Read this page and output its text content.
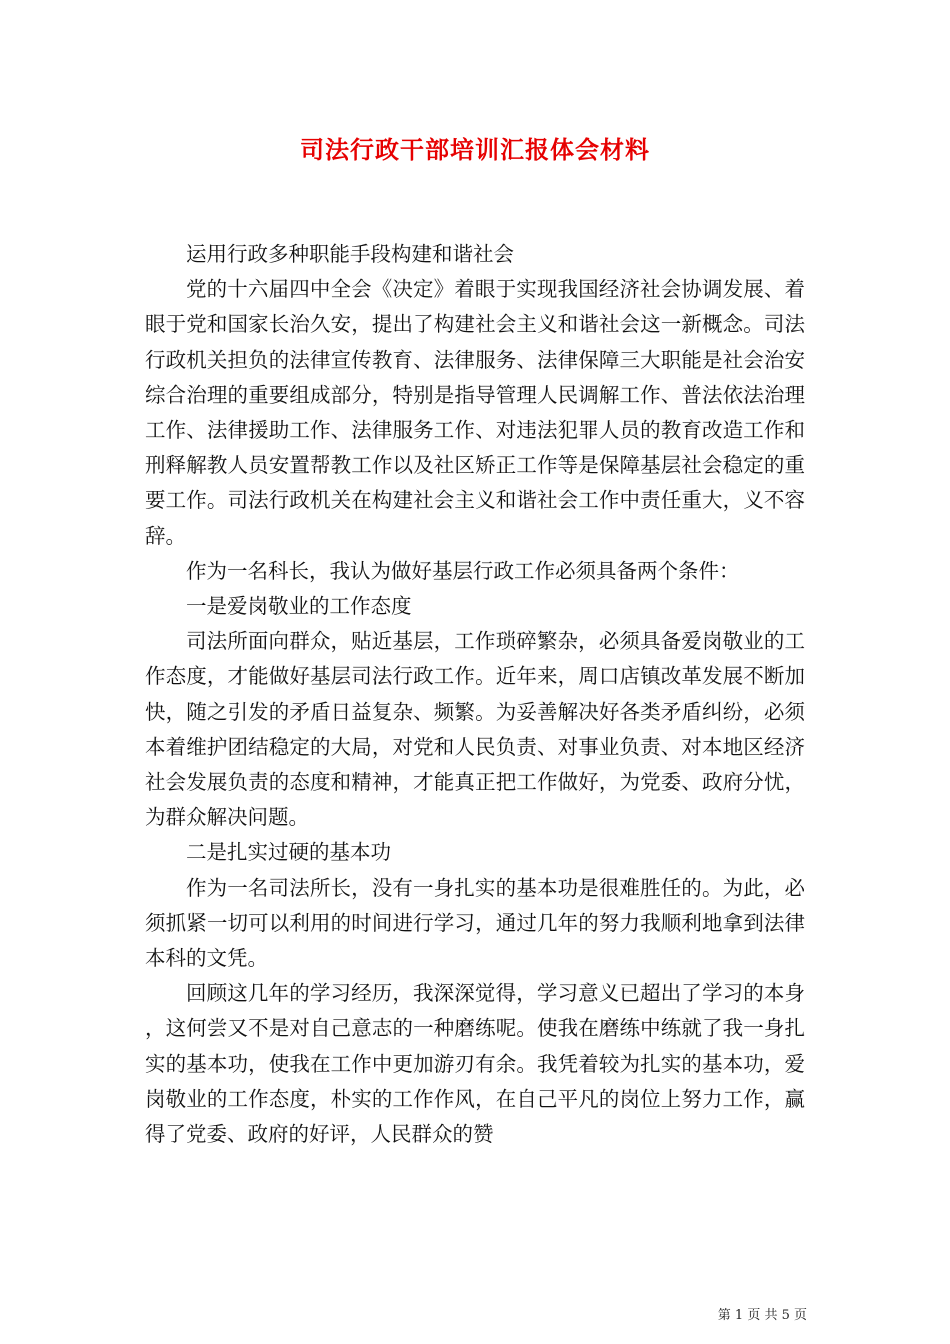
司法行政干部培训汇报体会材料

运用行政多种职能手段构建和谐社会

党的十六届四中全会《决定》着眼于实现我国经济社会协调发展、着眼于党和国家长治久安，提出了构建社会主义和谐社会这一新概念。司法行政机关担负的法律宣传教育、法律服务、法律保障三大职能是社会治安综合治理的重要组成部分，特别是指导管理人民调解工作、普法依法治理工作、法律援助工作、法律服务工作、对违法犯罪人员的教育改造工作和刑释解教人员安置帮教工作以及社区矫正工作等是保障基层社会稳定的重要工作。司法行政机关在构建社会主义和谐社会工作中责任重大，义不容辞。

作为一名科长，我认为做好基层行政工作必须具备两个条件：

一是爱岗敬业的工作态度

司法所面向群众，贴近基层，工作琐碎繁杂，必须具备爱岗敬业的工作态度，才能做好基层司法行政工作。近年来，周口店镇改革发展不断加快，随之引发的矛盾日益复杂、频繁。为妥善解决好各类矛盾纠纷，必须本着维护团结稳定的大局，对党和人民负责、对事业负责、对本地区经济社会发展负责的态度和精神，才能真正把工作做好，为党委、政府分忧，为群众解决问题。

二是扎实过硬的基本功

作为一名司法所长，没有一身扎实的基本功是很难胜任的。为此，必须抓紧一切可以利用的时间进行学习，通过几年的努力我顺利地拿到法律本科的文凭。

回顾这几年的学习经历，我深深觉得，学习意义已超出了学习的本身，这何尝又不是对自己意志的一种磨练呢。使我在磨练中练就了我一身扎实的基本功，使我在工作中更加游刃有余。我凭着较为扎实的基本功，爱岗敬业的工作态度，朴实的工作作风，在自己平凡的岗位上努力工作，赢得了党委、政府的好评，人民群众的赞

第 1 页 共 5 页
